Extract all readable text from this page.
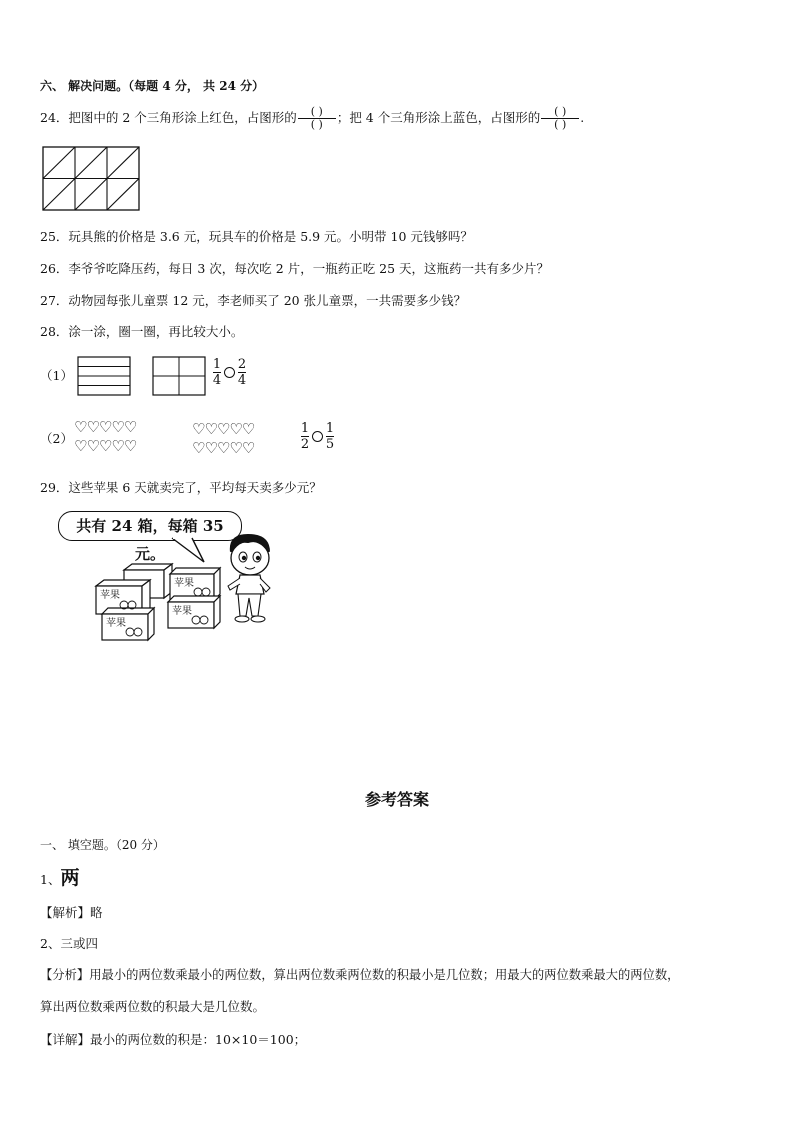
六、 解决问题。（每题 4 分， 共 24 分）
24．把图中的 2 个三角形涂上红色，占图形的 $\frac{( )}{( )}$ ；把 4 个三角形涂上蓝色，占图形的 $\frac{( )}{( )}$ .
25．玩具熊的价格是 3.6 元，玩具车的价格是 5.9 元。小明带 10 元钱够吗？
26．李爷爷吃降压药，每日 3 次，每次吃 2 片，一瓶药正吃 25 天，这瓶药一共有多少片？
27．动物园每张儿童票 12 元，李老师买了 20 张儿童票，一共需要多少钱？
28．涂一涂，圈一圈，再比较大小。
（1）	$\frac{1}{4} \frac{2}{4}$
（2）
♡♡♡♡♡
♡♡♡♡♡
♡♡♡♡♡
♡♡♡♡♡	$\frac{1}{2} \frac{1}{5}$
29．这些苹果 6 天就卖完了，平均每天卖多少元？
共有 24 箱，每箱 35 元。
苹果
苹果
苹果
苹果
参考答案
一、 填空题。（20 分）
1、两
【解析】略
2、三或四
【分析】用最小的两位数乘最小的两位数，算出两位数乘两位数的积最小是几位数；用最大的两位数乘最大的两位数，
算出两位数乘两位数的积最大是几位数。
【详解】最小的两位数的积是：10×10＝100；
